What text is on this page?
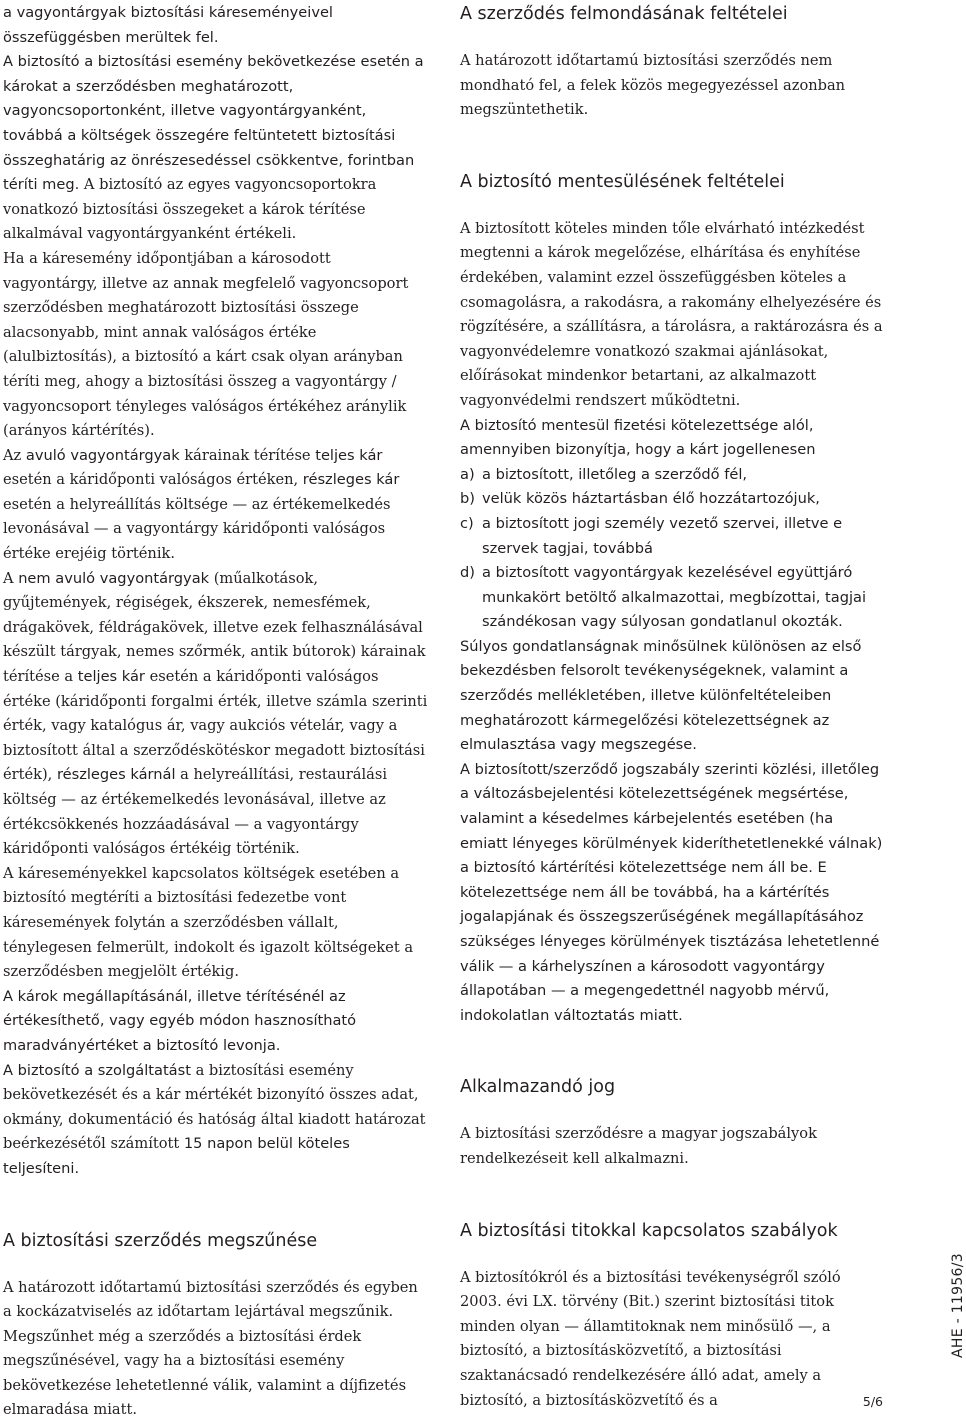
a vagyontárgyak biztosítási káreseményeivel összefüggésben merültek fel.

A biztosító a biztosítási esemény bekövetkezése esetén a károkat a szerződésben meghatározott, vagyoncsoportonként, illetve vagyontárgyanként, továbbá a költségek összegére feltüntetett biztosítási összeghatárig az önrészesedéssel csökkentve, forintban téríti meg. A biztosító az egyes vagyoncsoportokra vonatkozó biztosítási összegeket a károk térítése alkalmával vagyontárgyanként értékeli.

Ha a káresemény időpontjában a károsodott vagyontárgy, illetve az annak megfelelő vagyoncsoport szerződésben meghatározott biztosítási összege alacsonyabb, mint annak valóságos értéke (alulbiztosítás), a biztosító a kárt csak olyan arányban téríti meg, ahogy a biztosítási összeg a vagyontárgy / vagyoncsoport tényleges valóságos értékéhez aránylik (arányos kártérítés).

Az avuló vagyontárgyak kárainak térítése teljes kár esetén a káridőponti valóságos értéken, részleges kár esetén a helyreállítás költsége — az értékemelkedés levonásával — a vagyontárgy káridőponti valóságos értéke erejéig történik.

A nem avuló vagyontárgyak (műalkotások, gyűjtemények, régiségek, ékszerek, nemesfémek, drágakövek, féldrágakövek, illetve ezek felhasználásával készült tárgyak, nemes szőrmék, antik bútorok) kárainak térítése a teljes kár esetén a káridőponti valóságos értéke (káridőponti forgalmi érték, illetve számla szerinti érték, vagy katalógus ár, vagy aukciós vételár, vagy a biztosított által a szerződéskötéskor megadott biztosítási érték), részleges kárnál a helyreállítási, restaurálási költség — az értékemelkedés levonásával, illetve az értékcsökkenés hozzáadásával — a vagyontárgy káridőponti valóságos értékéig történik.

A káreseményekkel kapcsolatos költségek esetében a biztosító megtéríti a biztosítási fedezetbe vont káresemények folytán a szerződésben vállalt, ténylegesen felmerült, indokolt és igazolt költségeket a szerződésben megjelölt értékig.

A károk megállapításánál, illetve térítésénél az értékesíthető, vagy egyéb módon hasznosítható maradványértéket a biztosító levonja.

A biztosító a szolgáltatást a biztosítási esemény bekövetkezését és a kár mértékét bizonyító összes adat, okmány, dokumentáció és hatóság által kiadott határozat beérkezésétől számított 15 napon belül köteles teljesíteni.

A biztosítási szerződés megszűnése

A határozott időtartamú biztosítási szerződés és egyben a kockázatviselés az időtartam lejártával megszűnik. Megszűnhet még a szerződés a biztosítási érdek megszűnésével, vagy ha a biztosítási esemény bekövetkezése lehetetlenné válik, valamint a díjfizetés elmaradása miatt.

A szerződés felmondásának feltételei

A határozott időtartamú biztosítási szerződés nem mondható fel, a felek közös megegyezéssel azonban megszüntethetik.

A biztosító mentesülésének feltételei

A biztosított köteles minden tőle elvárható intézkedést megtenni a károk megelőzése, elhárítása és enyhítése érdekében, valamint ezzel összefüggésben köteles a csomagolásra, a rakodásra, a rakomány elhelyezésére és rögzítésére, a szállításra, a tárolásra, a raktározásra és a vagyonvédelemre vonatkozó szakmai ajánlásokat, előírásokat mindenkor betartani, az alkalmazott vagyonvédelmi rendszert működtetni.

A biztosító mentesül fizetési kötelezettsége alól, amennyiben bizonyítja, hogy a kárt jogellenesen

a) a biztosított, illetőleg a szerződő fél,
b) velük közös háztartásban élő hozzátartozójuk,
c) a biztosított jogi személy vezető szervei, illetve e szervek tagjai, továbbá
d) a biztosított vagyontárgyak kezelésével együttjáró munkakört betöltő alkalmazottai, megbízottai, tagjai szándékosan vagy súlyosan gondatlanul okozták.

Súlyos gondatlanságnak minősülnek különösen az első bekezdésben felsorolt tevékenységeknek, valamint a szerződés mellékletében, illetve különfeltételeiben meghatározott kármegelőzési kötelezettségnek az elmulasztása vagy megszegése.

A biztosított/szerződő jogszabály szerinti közlési, illetőleg a változásbejelentési kötelezettségének megsértése, valamint a késedelmes kárbejelentés esetében (ha emiatt lényeges körülmények kideríthetetlenekké válnak) a biztosító kártérítési kötelezettsége nem áll be. E kötelezettsége nem áll be továbbá, ha a kártérítés jogalapjának és összegszerűségének megállapításához szükséges lényeges körülmények tisztázása lehetetlenné válik — a kárhelyszínen a károsodott vagyontárgy állapotában — a megengedettnél nagyobb mérvű, indokolatlan változtatás miatt.

Alkalmazandó jog

A biztosítási szerződésre a magyar jogszabályok rendelkezéseit kell alkalmazni.

A biztosítási titokkal kapcsolatos szabályok

A biztosítókról és a biztosítási tevékenységről szóló 2003. évi LX. törvény (Bit.) szerint biztosítási titok minden olyan — államtitoknak nem minősülő —, a biztosító, a biztosításközvetítő, a biztosítási szaktanácsadó rendelkezésére álló adat, amely a biztosító, a biztosításközvetítő és a

AHE - 11956/3
5/6
